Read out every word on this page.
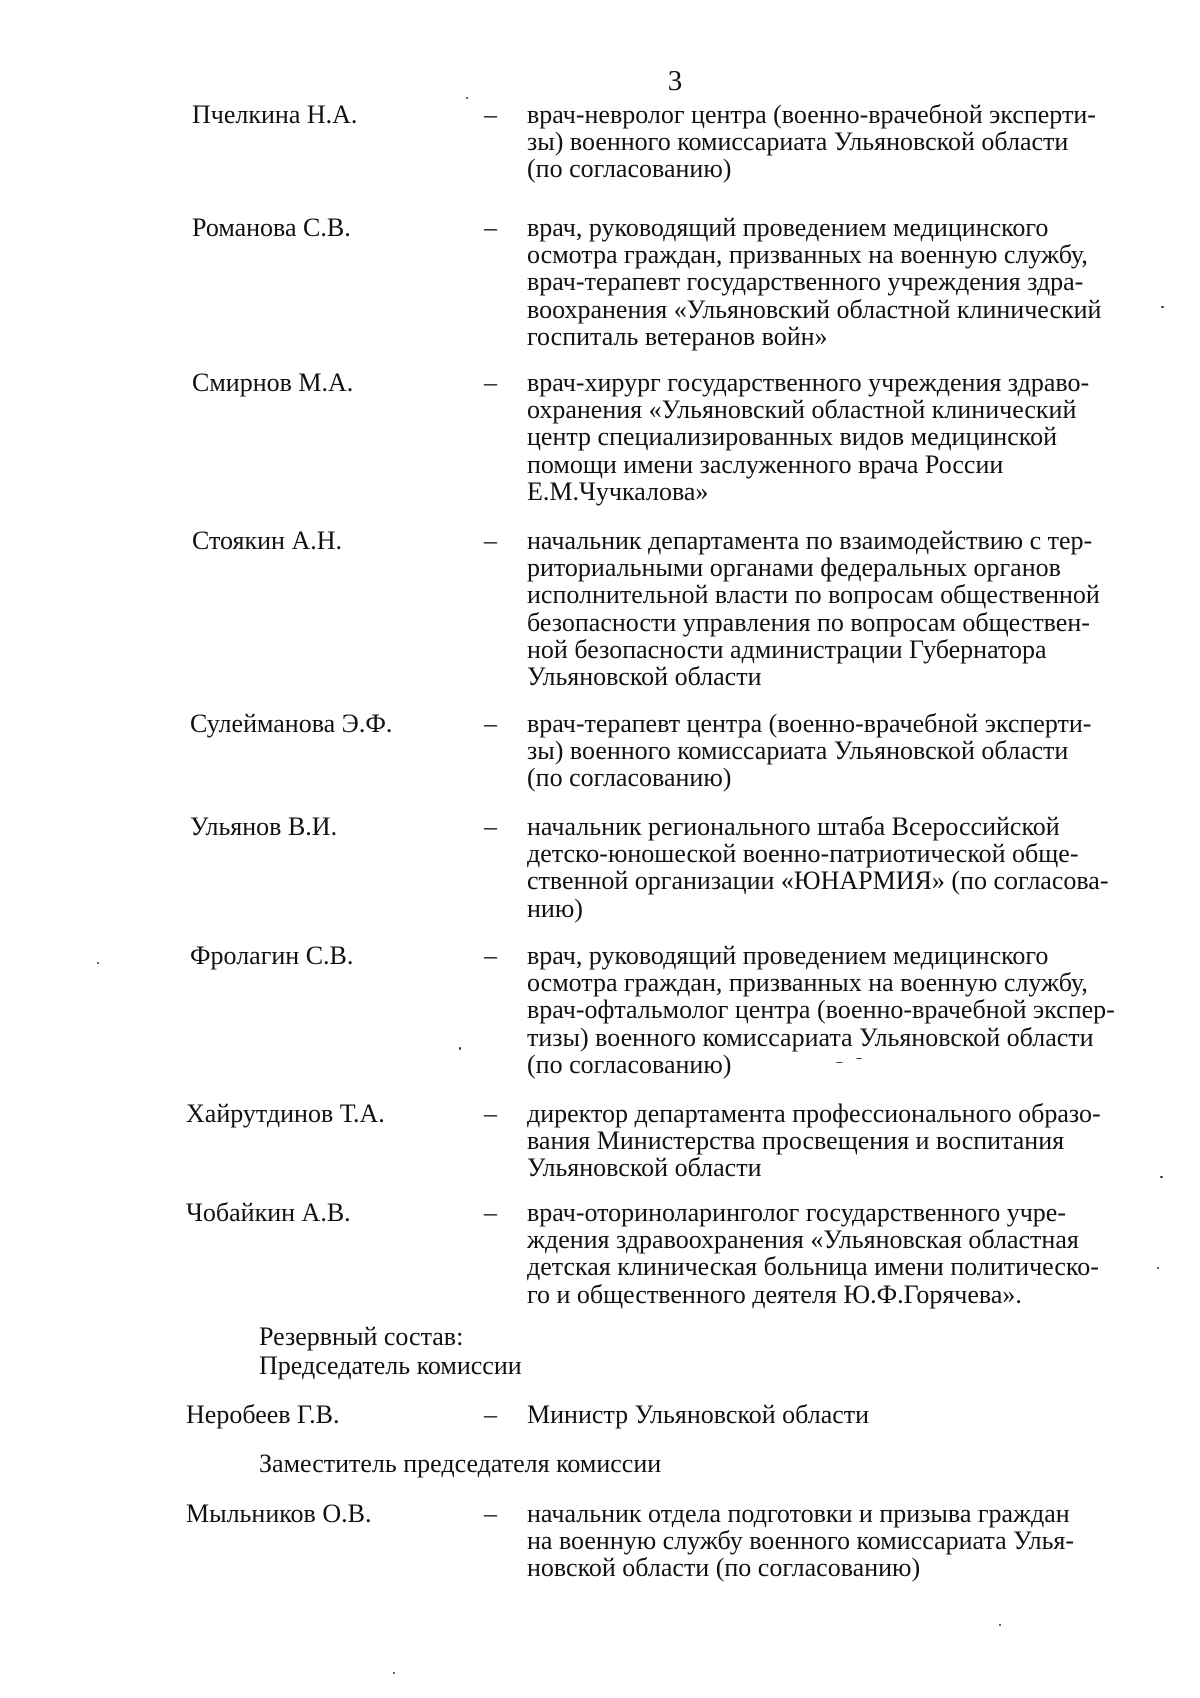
3
Пчелкина Н.А.	– врач-невролог центра (военно-врачебной эксперти-
зы) военного комиссариата Ульяновской области
(по согласованию)
Романова С.В.	– врач, руководящий проведением медицинского
осмотра граждан, призванных на военную службу,
врач-терапевт государственного учреждения здра-
воохранения «Ульяновский областной клинический
госпиталь ветеранов войн»
Смирнов М.А.	– врач-хирург государственного учреждения здраво-
охранения «Ульяновский областной клинический
центр специализированных видов медицинской
помощи имени заслуженного врача России
Е.М.Чучкалова»
Стоякин А.Н.	– начальник департамента по взаимодействию с тер-
риториальными органами федеральных органов
исполнительной власти по вопросам общественной
безопасности управления по вопросам обществен-
ной безопасности администрации Губернатора
Ульяновской области
Сулейманова Э.Ф.	– врач-терапевт центра (военно-врачебной эксперти-
зы) военного комиссариата Ульяновской области
(по согласованию)
Ульянов В.И.	– начальник регионального штаба Всероссийской
детско-юношеской военно-патриотической обще-
ственной организации «ЮНАРМИЯ» (по согласова-
нию)
Фролагин С.В.	– врач, руководящий проведением медицинского
осмотра граждан, призванных на военную службу,
врач-офтальмолог центра (военно-врачебной экспер-
тизы) военного комиссариата Ульяновской области
(по согласованию)
Хайрутдинов Т.А.	– директор департамента профессионального образо-
вания Министерства просвещения и воспитания
Ульяновской области
Чобайкин А.В.	– врач-оториноларинголог государственного учре-
ждения здравоохранения «Ульяновская областная
детская клиническая больница имени политическо-
го и общественного деятеля Ю.Ф.Горячева».
Резервный состав:
Председатель комиссии
Неробеев Г.В.	– Министр Ульяновской области
Заместитель председателя комиссии
Мыльников О.В.	– начальник отдела подготовки и призыва граждан
на военную службу военного комиссариата Улья-
новской области (по согласованию)
